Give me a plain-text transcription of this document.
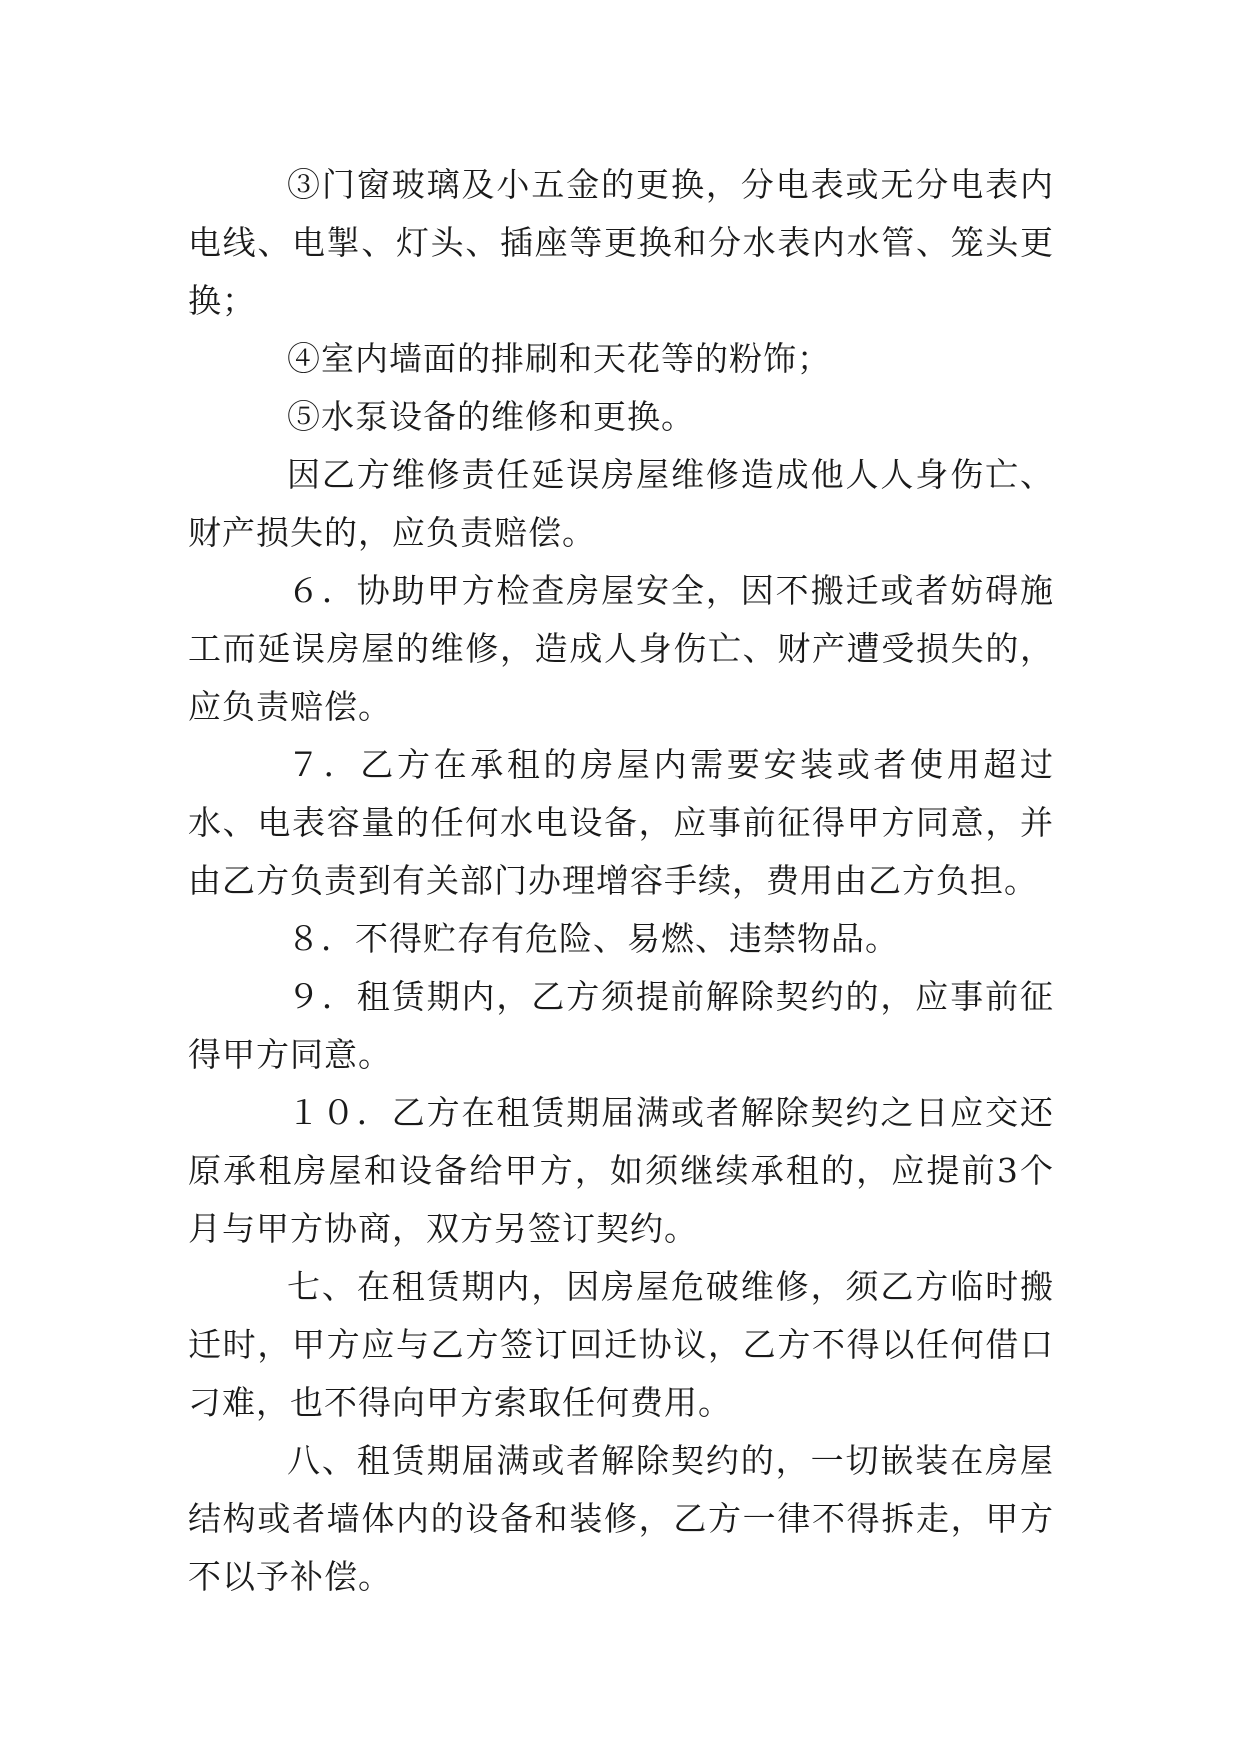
③门窗玻璃及小五金的更换，分电表或无分电表内电线、电掣、灯头、插座等更换和分水表内水管、笼头更换；

④室内墙面的排刷和天花等的粉饰；

⑤水泵设备的维修和更换。

因乙方维修责任延误房屋维修造成他人人身伤亡、财产损失的，应负责赔偿。

６．协助甲方检查房屋安全，因不搬迁或者妨碍施工而延误房屋的维修，造成人身伤亡、财产遭受损失的，应负责赔偿。

７．乙方在承租的房屋内需要安装或者使用超过水、电表容量的任何水电设备，应事前征得甲方同意，并由乙方负责到有关部门办理增容手续，费用由乙方负担。

８．不得贮存有危险、易燃、违禁物品。

９．租赁期内，乙方须提前解除契约的，应事前征得甲方同意。

１０．乙方在租赁期届满或者解除契约之日应交还原承租房屋和设备给甲方，如须继续承租的，应提前3个月与甲方协商，双方另签订契约。

七、在租赁期内，因房屋危破维修，须乙方临时搬迁时，甲方应与乙方签订回迁协议，乙方不得以任何借口刁难，也不得向甲方索取任何费用。

八、租赁期届满或者解除契约的，一切嵌装在房屋结构或者墙体内的设备和装修，乙方一律不得拆走，甲方不以予补偿。
